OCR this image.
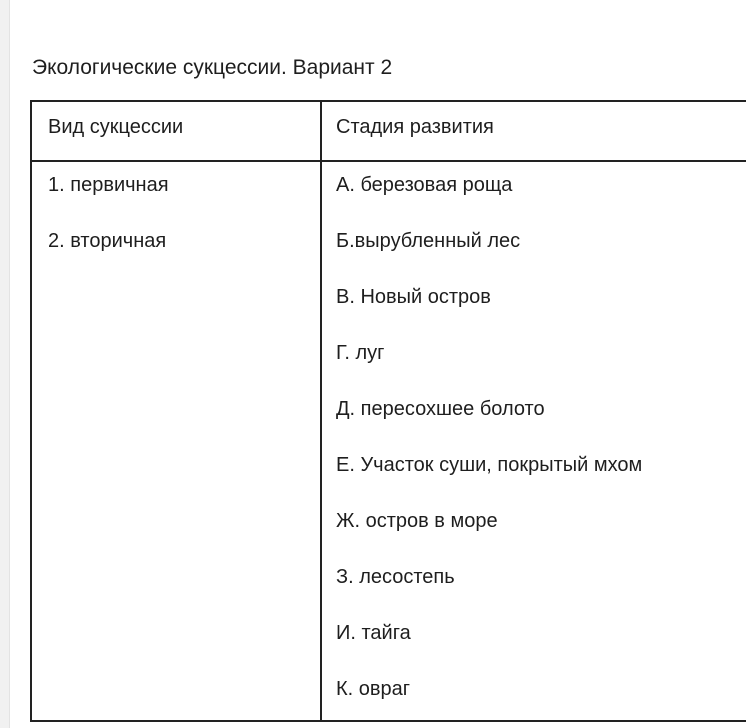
Экологические сукцессии. Вариант 2
Вид сукцессии	Стадия развития
1. первичная
2. вторичная
А. березовая роща
Б.вырубленный лес
В. Новый остров
Г. луг
Д. пересохшее болото
Е. Участок суши, покрытый мхом
Ж. остров в море
З. лесостепь
И. тайга
К. овраг
